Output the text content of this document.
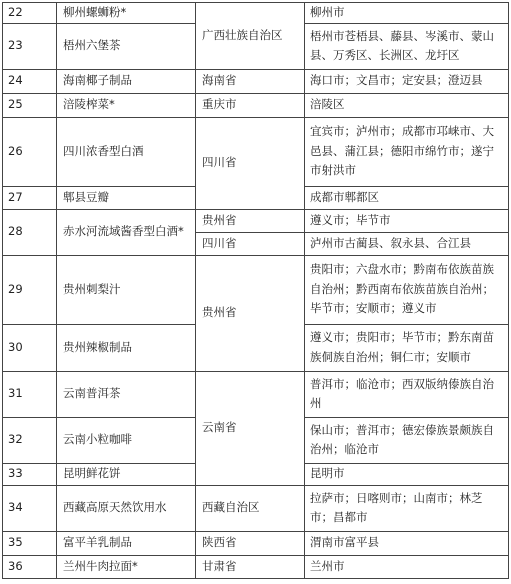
22	柳州螺蛳粉*	广西壮族自治区	柳州市
23	梧州六堡茶		梧州市苍梧县、藤县、岑溪市、蒙山县、万秀区、长洲区、龙圩区
24	海南椰子制品	海南省	海口市；文昌市；定安县；澄迈县
25	涪陵榨菜*	重庆市	涪陵区
26	四川浓香型白酒	四川省	宜宾市；泸州市；成都市邛崃市、大邑县、蒲江县；德阳市绵竹市；遂宁市射洪市
27	郫县豆瓣		成都市郫都区
28	赤水河流域酱香型白酒*	贵州省	遵义市；毕节市
		四川省	泸州市古蔺县、叙永县、合江县
29	贵州刺梨汁	贵州省	贵阳市；六盘水市；黔南布依族苗族自治州；黔西南布依族苗族自治州；毕节市；安顺市；遵义市
30	贵州辣椒制品		遵义市；贵阳市；毕节市；黔东南苗族侗族自治州；铜仁市；安顺市
31	云南普洱茶	云南省	普洱市；临沧市；西双版纳傣族自治州
32	云南小粒咖啡		保山市；普洱市；德宏傣族景颇族自治州；临沧市
33	昆明鲜花饼		昆明市
34	西藏高原天然饮用水	西藏自治区	拉萨市；日喀则市；山南市；林芝市；昌都市
35	富平羊乳制品	陕西省	渭南市富平县
36	兰州牛肉拉面*	甘肃省	兰州市
